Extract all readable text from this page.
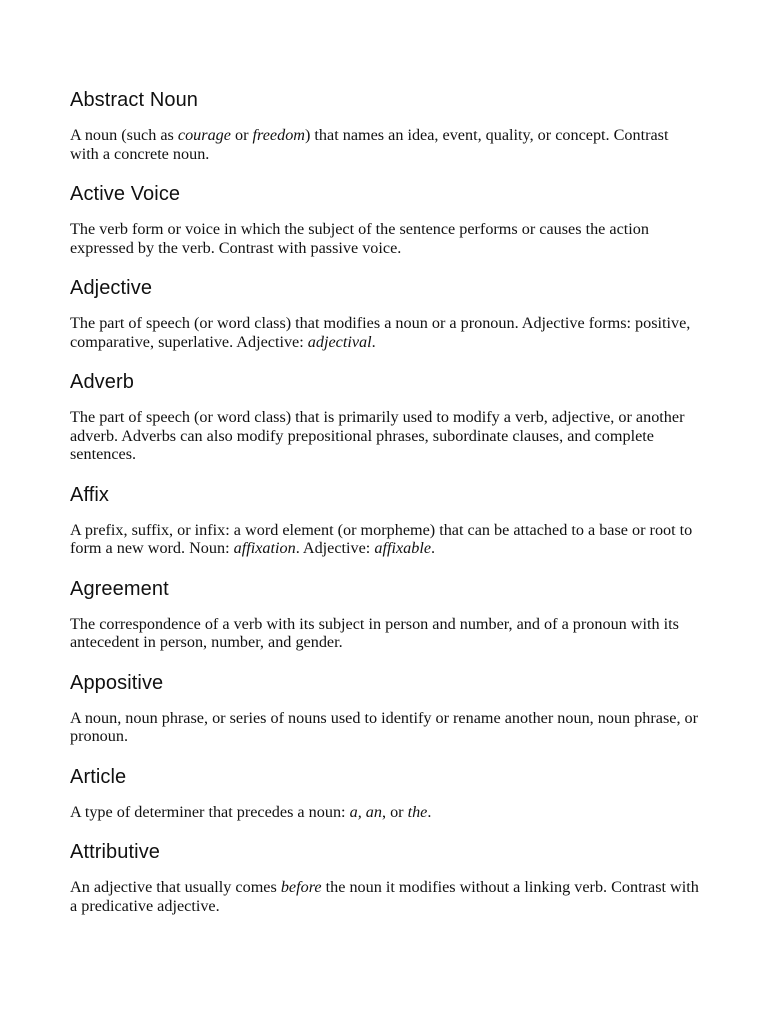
Abstract Noun

A noun (such as courage or freedom) that names an idea, event, quality, or concept. Contrast with a concrete noun.

Active Voice

The verb form or voice in which the subject of the sentence performs or causes the action expressed by the verb. Contrast with passive voice.

Adjective

The part of speech (or word class) that modifies a noun or a pronoun. Adjective forms: positive, comparative, superlative. Adjective: adjectival.

Adverb

The part of speech (or word class) that is primarily used to modify a verb, adjective, or another adverb. Adverbs can also modify prepositional phrases, subordinate clauses, and complete sentences.

Affix

A prefix, suffix, or infix: a word element (or morpheme) that can be attached to a base or root to form a new word. Noun: affixation. Adjective: affixable.

Agreement

The correspondence of a verb with its subject in person and number, and of a pronoun with its antecedent in person, number, and gender.

Appositive

A noun, noun phrase, or series of nouns used to identify or rename another noun, noun phrase, or pronoun.

Article

A type of determiner that precedes a noun: a, an, or the.

Attributive

An adjective that usually comes before the noun it modifies without a linking verb. Contrast with a predicative adjective.
